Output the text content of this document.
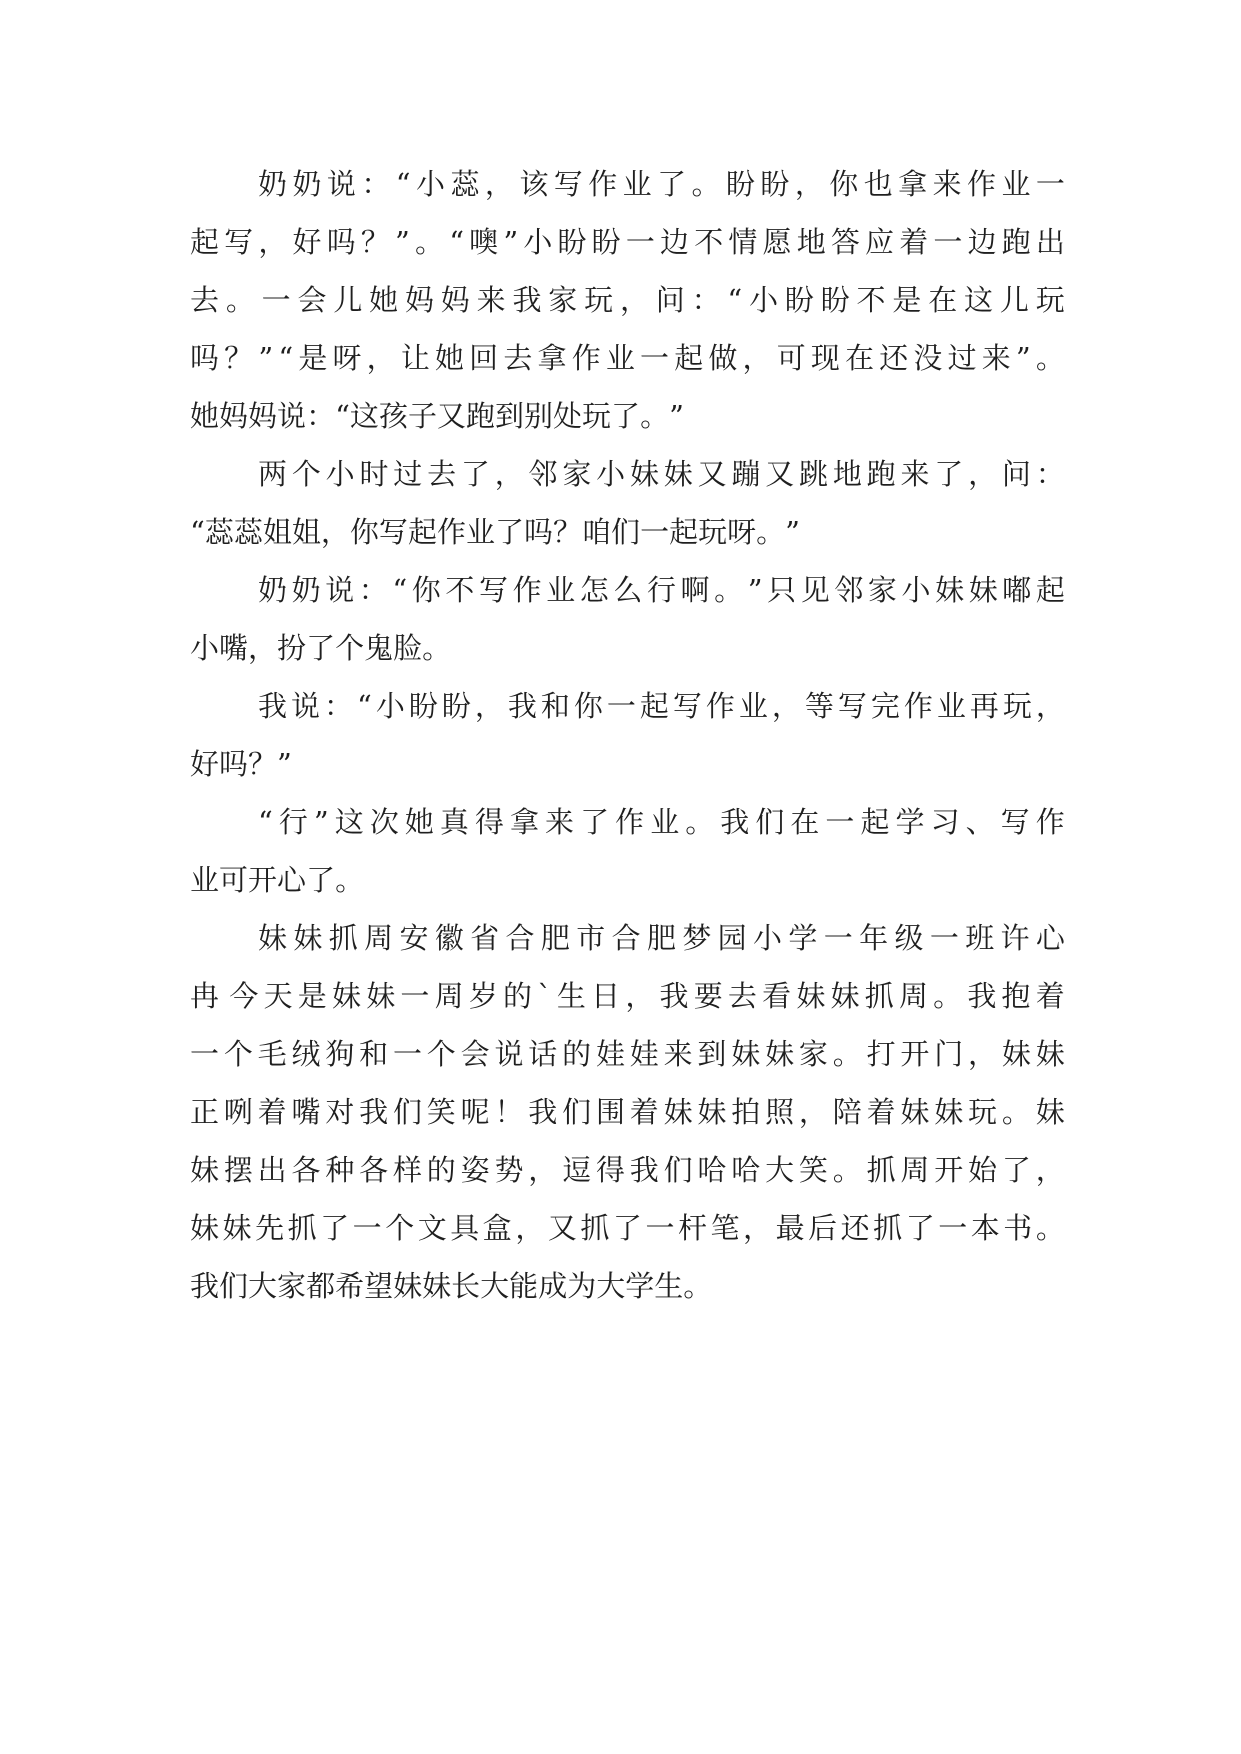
奶 奶 说 ： “ 小 蕊 ， 该 写 作 业 了 。 盼 盼 ， 你 也 拿 来 作 业 一
起 写 ， 好 吗 ？ ” 。 “ 噢 ” 小 盼 盼 一 边 不 情 愿 地 答 应 着 一 边 跑 出
去 。 一 会 儿 她 妈 妈 来 我 家 玩 ， 问 ： “ 小 盼 盼 不 是 在 这 儿 玩
吗 ？ ” “ 是 呀 ， 让 她 回 去 拿 作 业 一 起 做 ， 可 现 在 还 没 过 来 ” 。
她 妈 妈 说 ： “ 这 孩 子 又 跑 到 别 处 玩 了 。 ”
两 个 小 时 过 去 了 ， 邻 家 小 妹 妹 又 蹦 又 跳 地 跑 来 了 ， 问 ：
“ 蕊 蕊 姐 姐 ， 你 写 起 作 业 了 吗 ？ 咱 们 一 起 玩 呀 。 ”
奶 奶 说 ： “ 你 不 写 作 业 怎 么 行 啊 。 ” 只 见 邻 家 小 妹 妹 嘟 起
小 嘴 ， 扮 了 个 鬼 脸 。
我 说 ： “ 小 盼 盼 ， 我 和 你 一 起 写 作 业 ， 等 写 完 作 业 再 玩 ，
好 吗 ？ ”
“ 行 ” 这 次 她 真 得 拿 来 了 作 业 。 我 们 在 一 起 学 习 、 写 作
业 可 开 心 了 。
妹 妹 抓 周 安 徽 省 合 肥 市 合 肥 梦 园 小 学 一 年 级 一 班 许 心
冉 今 天 是 妹 妹 一 周 岁 的 ` 生 日 ， 我 要 去 看 妹 妹 抓 周 。 我 抱 着
一 个 毛 绒 狗 和 一 个 会 说 话 的 娃 娃 来 到 妹 妹 家 。 打 开 门 ， 妹 妹
正 咧 着 嘴 对 我 们 笑 呢 ！ 我 们 围 着 妹 妹 拍 照 ， 陪 着 妹 妹 玩 。 妹
妹 摆 出 各 种 各 样 的 姿 势 ， 逗 得 我 们 哈 哈 大 笑 。 抓 周 开 始 了 ，
妹 妹 先 抓 了 一 个 文 具 盒 ， 又 抓 了 一 杆 笔 ， 最 后 还 抓 了 一 本 书 。
我 们 大 家 都 希 望 妹 妹 长 大 能 成 为 大 学 生 。
